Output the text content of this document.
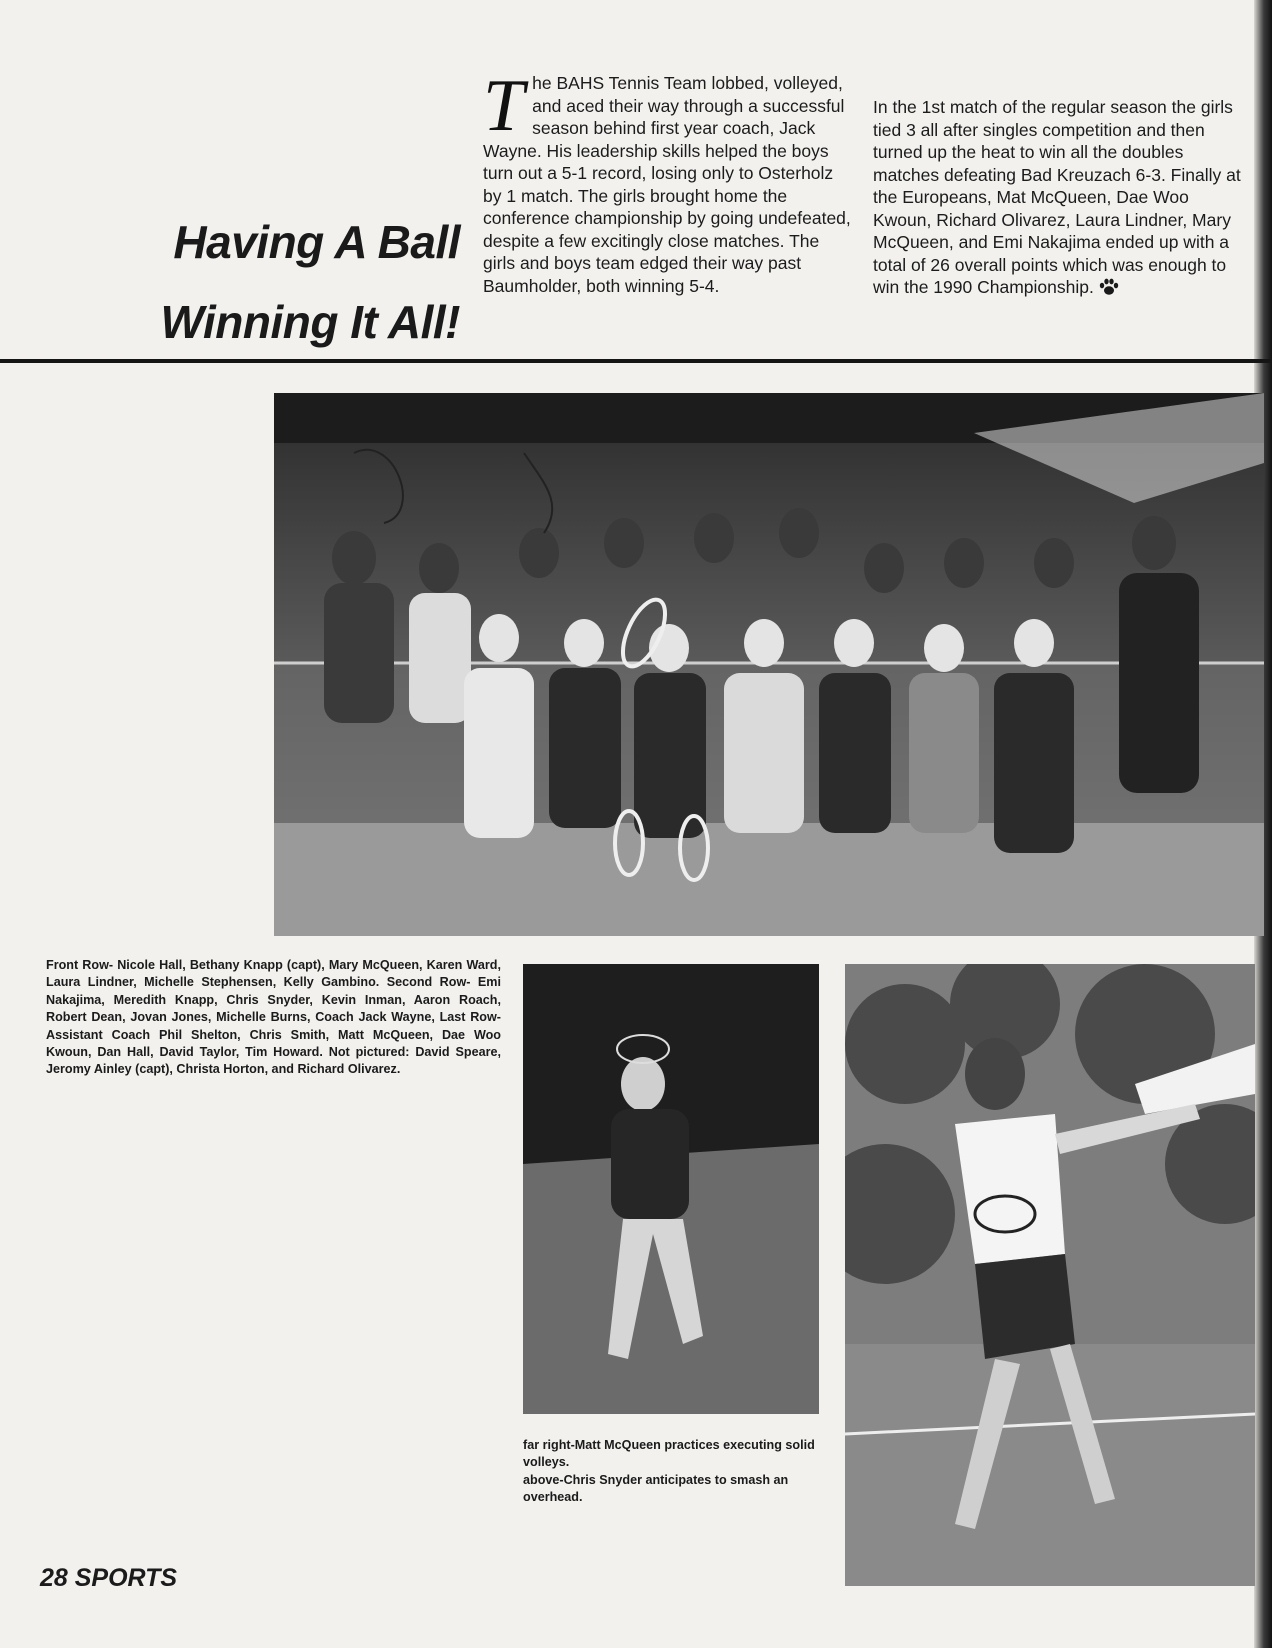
Having A Ball
Winning It All!

The BAHS Tennis Team lobbed, volleyed, and aced their way through a successful season behind first year coach, Jack Wayne. His leadership skills helped the boys turn out a 5-1 record, losing only to Osterholz by 1 match. The girls brought home the conference championship by going undefeated, despite a few excitingly close matches. The girls and boys team edged their way past Baumholder, both winning 5-4.

In the 1st match of the regular season the girls tied 3 all after singles competition and then turned up the heat to win all the doubles matches defeating Bad Kreuzach 6-3. Finally at the Europeans, Mat McQueen, Dae Woo Kwoun, Richard Olivarez, Laura Lindner, Mary McQueen, and Emi Nakajima ended up with a total of 26 overall points which was enough to win the 1990 Championship.

Front Row- Nicole Hall, Bethany Knapp (capt), Mary McQueen, Karen Ward, Laura Lindner, Michelle Stephensen, Kelly Gambino. Second Row- Emi Nakajima, Meredith Knapp, Chris Snyder, Kevin Inman, Aaron Roach, Robert Dean, Jovan Jones, Michelle Burns, Coach Jack Wayne, Last Row- Assistant Coach Phil Shelton, Chris Smith, Matt McQueen, Dae Woo Kwoun, Dan Hall, David Taylor, Tim Howard. Not pictured: David Speare, Jeromy Ainley (capt), Christa Horton, and Richard Olivarez.

far right-Matt McQueen practices executing solid volleys.
above-Chris Snyder anticipates to smash an overhead.
28 SPORTS
